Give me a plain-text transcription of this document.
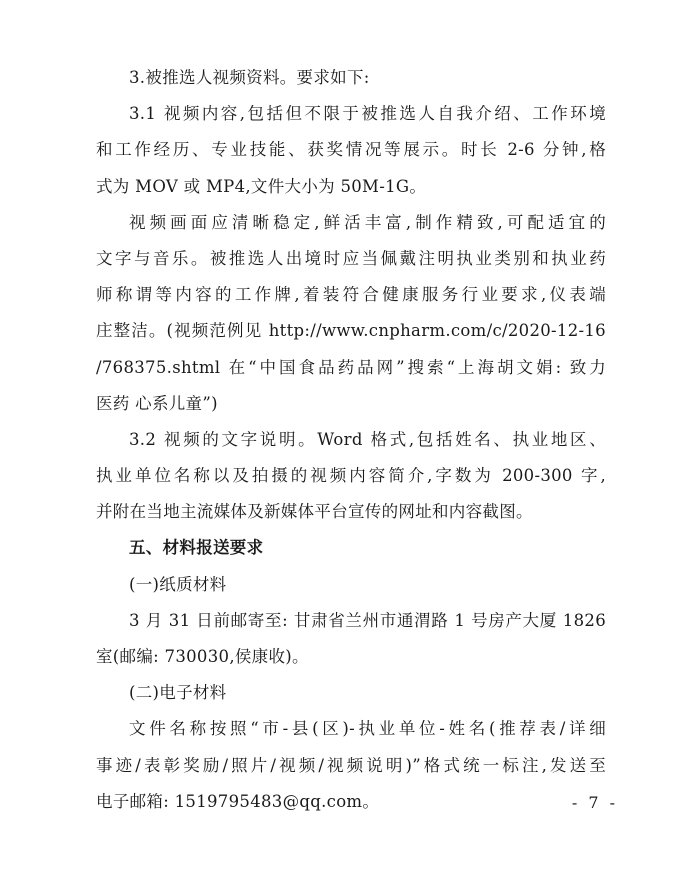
3.被推选人视频资料。要求如下:
3.1 视频内容,包括但不限于被推选人自我介绍、工作环境
和工作经历、专业技能、获奖情况等展示。时长 2-6 分钟,格
式为 MOV 或 MP4,文件大小为 50M-1G。
视频画面应清晰稳定,鲜活丰富,制作精致,可配适宜的
文字与音乐。被推选人出境时应当佩戴注明执业类别和执业药
师称谓等内容的工作牌,着装符合健康服务行业要求,仪表端
庄整洁。(视频范例见 http://www.cnpharm.com/c/2020-12-16
/768375.shtml 在“中国食品药品网”搜索“上海胡文娟: 致力
医药 心系儿童”)
3.2 视频的文字说明。Word 格式,包括姓名、执业地区、
执业单位名称以及拍摄的视频内容简介,字数为 200-300 字,
并附在当地主流媒体及新媒体平台宣传的网址和内容截图。
五、材料报送要求
(一)纸质材料
3 月 31 日前邮寄至: 甘肃省兰州市通渭路 1 号房产大厦 1826
室(邮编: 730030,侯康收)。
(二)电子材料
文件名称按照“市-县(区)-执业单位-姓名(推荐表/详细
事迹/表彰奖励/照片/视频/视频说明)”格式统一标注,发送至
电子邮箱: 1519795483@qq.com。	- 7 -
